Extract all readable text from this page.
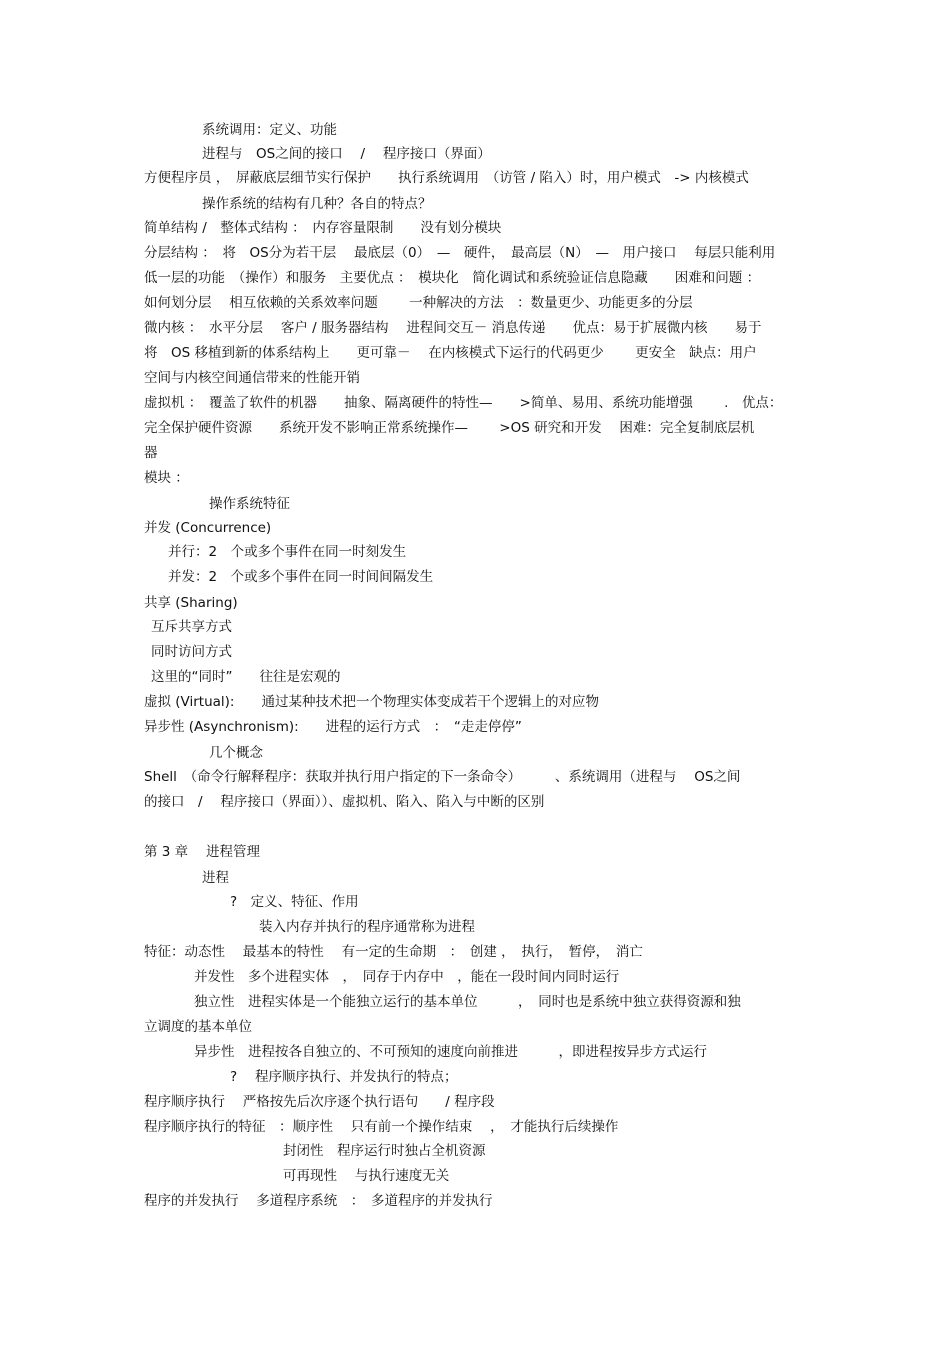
系统调用：定义、功能
进程与　OS之间的接口　 /　 程序接口（界面）
方便程序员 ，　屏蔽底层细节实行保护　　执行系统调用　（访管 / 陷入）时，用户模式　-> 内核模式
操作系统的结构有几种？各自的特点？
简单结构 /　整体式结构 ：　内存容量限制　　没有划分模块
分层结构 ：　将　OS分为若干层　 最底层（0）　—　硬件，　最高层（N）　—　用户接口　 每层只能利用
低一层的功能　（操作）和服务　主要优点 ：　模块化　简化调试和系统验证信息隐藏　　困难和问题 ：
如何划分层　 相互依赖的关系效率问题　　 一种解决的方法　：数量更少、功能更多的分层
微内核 ：　水平分层　 客户 / 服务器结构　 进程间交互－ 消息传递　　优点：易于扩展微内核　　易于
将　OS 移植到新的体系结构上　　更可靠－　 在内核模式下运行的代码更少　　 更安全　缺点：用户
空间与内核空间通信带来的性能开销
虚拟机 ：　覆盖了软件的机器　　抽象、隔离硬件的特性—　　>简单、易用、系统功能增强　　 .　优点：
完全保护硬件资源　　系统开发不影响正常系统操作—　　 >OS 研究和开发　 困难：完全复制底层机
器
模块 ：
操作系统特征
并发 (Concurrence)
并行：2　个或多个事件在同一时刻发生
并发：2　个或多个事件在同一时间间隔发生
共享 (Sharing)
互斥共享方式
同时访问方式
这里的“同时”　　往往是宏观的
虚拟 (Virtual):　　通过某种技术把一个物理实体变成若干个逻辑上的对应物
异步性 (Asynchronism):　　进程的运行方式　：　“走走停停”
几个概念
Shell　（命令行解释程序：获取并执行用户指定的下一条命令）　　　、系统调用（进程与　 OS之间
的接口　/　 程序接口（界面））、虚拟机、陷入、陷入与中断的区别
第 3 章　 进程管理
进程
?　定义、特征、作用
装入内存并执行的程序通常称为进程
特征：动态性　 最基本的特性　 有一定的生命期　：　创建 ，　执行，　暂停，　消亡
并发性　多个进程实体　，　同存于内存中　，能在一段时间内同时运行
独立性　进程实体是一个能独立运行的基本单位　　　，　同时也是系统中独立获得资源和独
立调度的基本单位
异步性　进程按各自独立的、不可预知的速度向前推进　　　，即进程按异步方式运行
?　 程序顺序执行、并发执行的特点；
程序顺序执行　 严格按先后次序逐个执行语句　　/ 程序段
程序顺序执行的特征　：顺序性　 只有前一个操作结束　 ，　才能执行后续操作
封闭性　程序运行时独占全机资源
可再现性　 与执行速度无关
程序的并发执行　 多道程序系统　：　多道程序的并发执行
